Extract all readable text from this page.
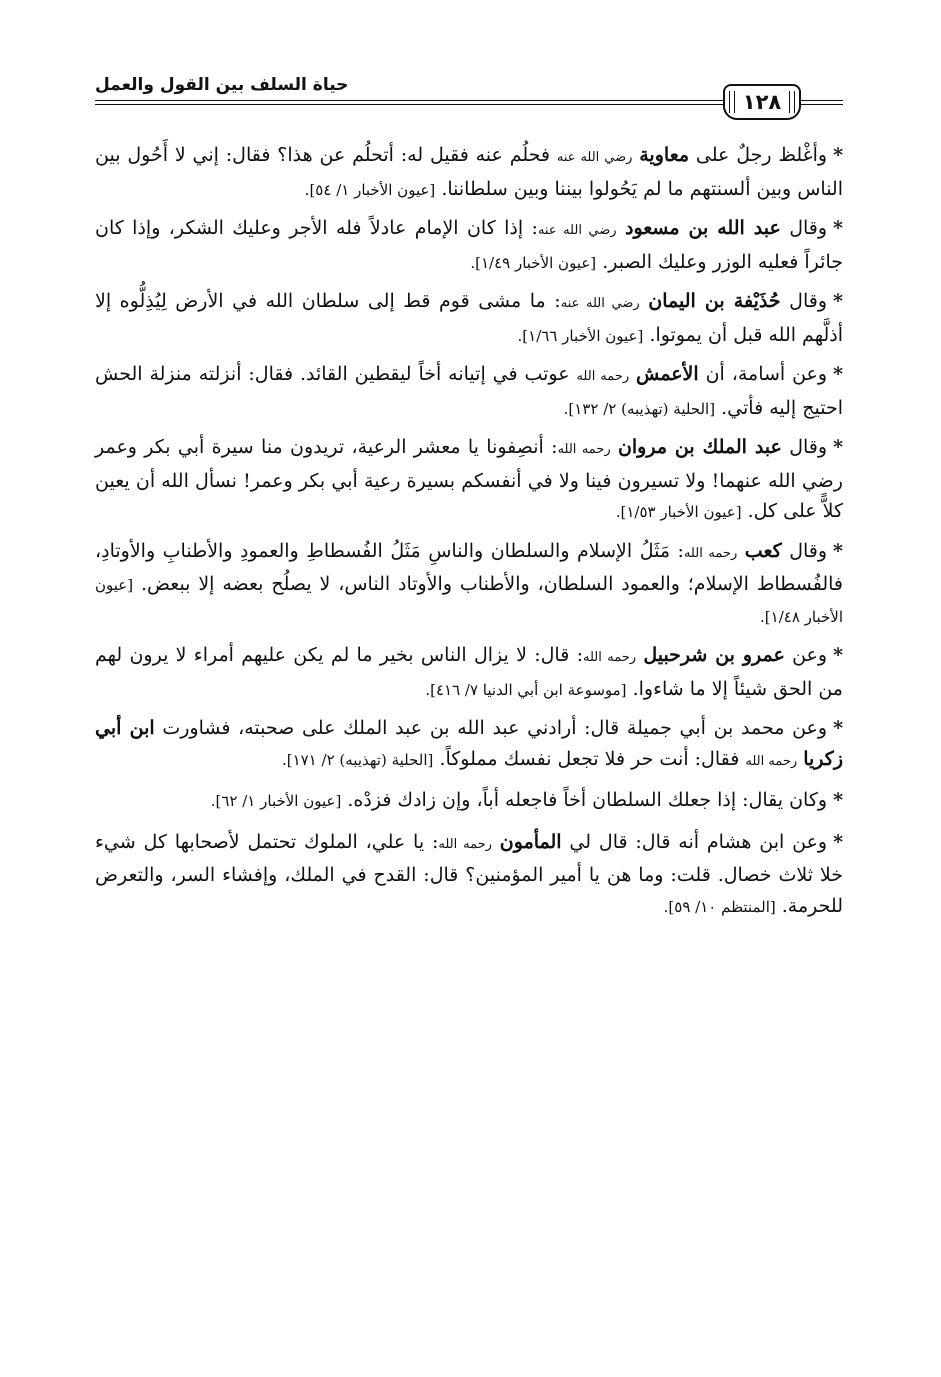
حياة السلف بين القول والعمل
١٢٨

*وأغْلظ رجلٌ على معاوية رضي الله عنه فحلُم عنه فقيل له: أتحلُم عن هذا؟ فقال: إني لا أَحُول بين الناس وبين ألسنتهم ما لم يَحُولوا بيننا وبين سلطاننا. [عيون الأخبار ١/ ٥٤].

*وقال عبد الله بن مسعود رضي الله عنه: إذا كان الإمام عادلاً فله الأجر وعليك الشكر، وإذا كان جائراً فعليه الوزر وعليك الصبر. [عيون الأخبار ١/٤٩].

*وقال حُذَيْفة بن اليمان رضي الله عنه: ما مشى قوم قط إلى سلطان الله في الأرض لِيُذِلُّوه إلا أذلَّهم الله قبل أن يموتوا. [عيون الأخبار ١/٦٦].

*وعن أسامة، أن الأعمش رحمه الله عوتب في إتيانه أخاً ليقطين القائد. فقال: أنزلته منزلة الحش احتيج إليه فأتي. [الحلية (تهذيبه) ٢/ ١٣٢].

*وقال عبد الملك بن مروان رحمه الله: أنصِفونا يا معشر الرعية، تريدون منا سيرة أبي بكر وعمر رضي الله عنهما! ولا تسيرون فينا ولا في أنفسكم بسيرة رعية أبي بكر وعمر! نسأل الله أن يعين كلاًّ على كل. [عيون الأخبار ١/٥٣].

*وقال كعب رحمه الله: مَثَلُ الإسلام والسلطان والناسِ مَثَلُ الفُسطاطِ والعمودِ والأطنابِ والأوتادِ، فالفُسطاط الإسلام؛ والعمود السلطان، والأطناب والأوتاد الناس، لا يصلُح بعضه إلا ببعض. [عيون الأخبار ١/٤٨].

*وعن عمرو بن شرحبيل رحمه الله: قال: لا يزال الناس بخير ما لم يكن عليهم أمراء لا يرون لهم من الحق شيئاً إلا ما شاءوا. [موسوعة ابن أبي الدنيا ٧/ ٤١٦].

*وعن محمد بن أبي جميلة قال: أرادني عبد الله بن عبد الملك على صحبته، فشاورت ابن أبي زكريا رحمه الله فقال: أنت حر فلا تجعل نفسك مملوكاً. [الحلية (تهذيبه) ٢/ ١٧١].

*وكان يقال: إذا جعلك السلطان أخاً فاجعله أباً، وإن زادك فزدْه. [عيون الأخبار ١/ ٦٢].

*وعن ابن هشام أنه قال: قال لي المأمون رحمه الله: يا علي، الملوك تحتمل لأصحابها كل شيء خلا ثلاث خصال. قلت: وما هن يا أمير المؤمنين؟ قال: القدح في الملك، وإفشاء السر، والتعرض للحرمة. [المنتظم ١٠/ ٥٩].
